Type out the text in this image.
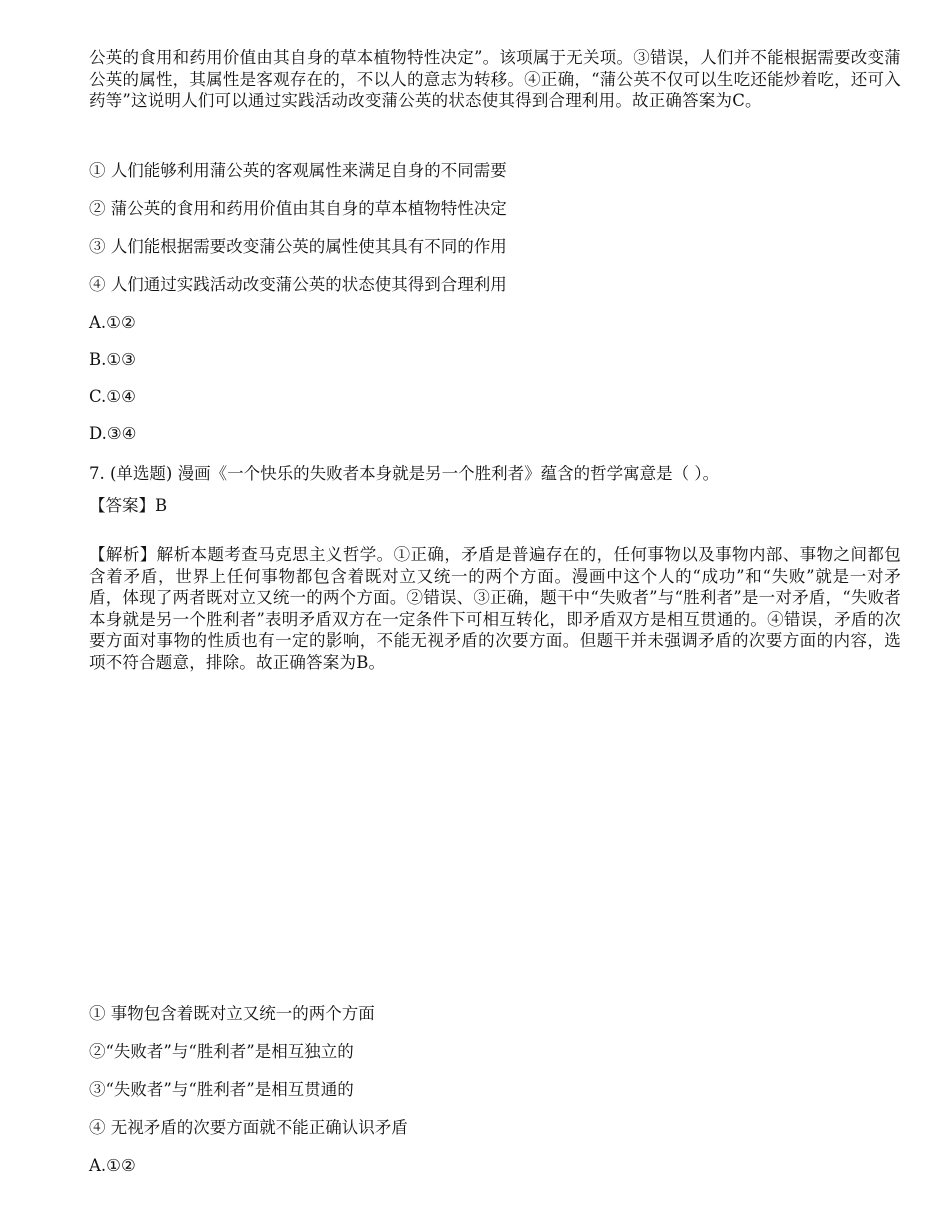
公英的食用和药用价值由其自身的草本植物特性决定”。该项属于无关项。③错误，人们并不能根据需要改变蒲公英的属性，其属性是客观存在的，不以人的意志为转移。④正确，“蒲公英不仅可以生吃还能炒着吃，还可入药等”这说明人们可以通过实践活动改变蒲公英的状态使其得到合理利用。故正确答案为C。

① 人们能够利用蒲公英的客观属性来满足自身的不同需要

② 蒲公英的食用和药用价值由其自身的草本植物特性决定

③ 人们能根据需要改变蒲公英的属性使其具有不同的作用

④ 人们通过实践活动改变蒲公英的状态使其得到合理利用

A.①②

B.①③

C.①④

D.③④

7. (单选题) 漫画《一个快乐的失败者本身就是另一个胜利者》蕴含的哲学寓意是（ ）。

【答案】B

【解析】解析本题考查马克思主义哲学。①正确，矛盾是普遍存在的，任何事物以及事物内部、事物之间都包含着矛盾，世界上任何事物都包含着既对立又统一的两个方面。漫画中这个人的“成功”和“失败”就是一对矛盾，体现了两者既对立又统一的两个方面。②错误、③正确，题干中“失败者”与“胜利者”是一对矛盾，“失败者本身就是另一个胜利者”表明矛盾双方在一定条件下可相互转化，即矛盾双方是相互贯通的。④错误，矛盾的次要方面对事物的性质也有一定的影响，不能无视矛盾的次要方面。但题干并未强调矛盾的次要方面的内容，选项不符合题意，排除。故正确答案为B。

① 事物包含着既对立又统一的两个方面

②“失败者”与“胜利者”是相互独立的

③“失败者”与“胜利者”是相互贯通的

④ 无视矛盾的次要方面就不能正确认识矛盾

A.①②
